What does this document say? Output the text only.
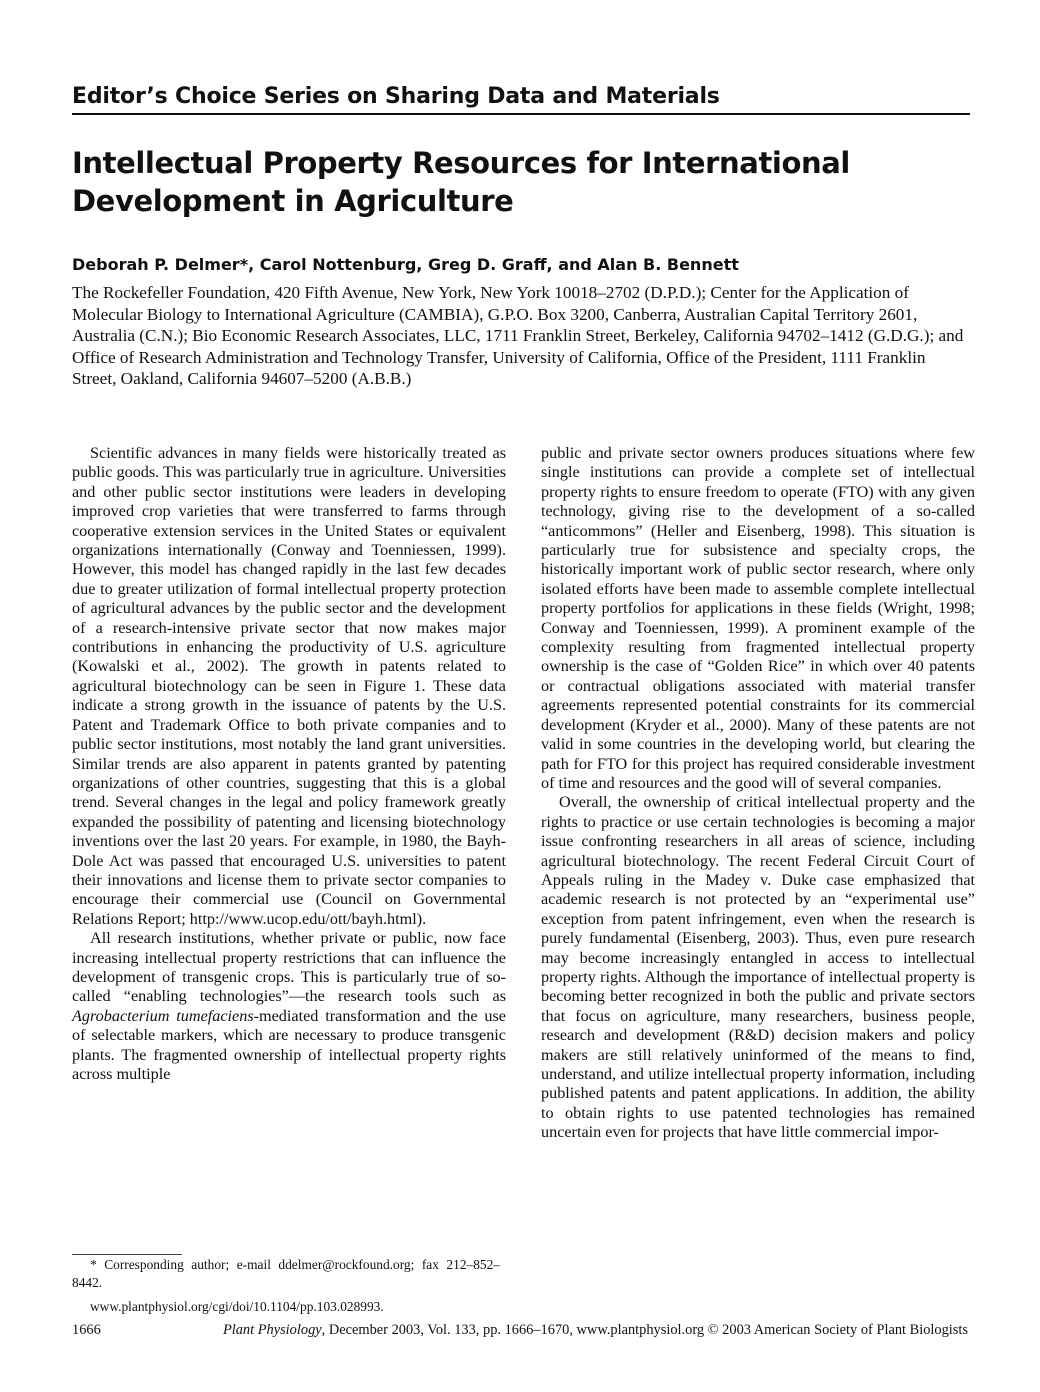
Editor’s Choice Series on Sharing Data and Materials
Intellectual Property Resources for International Development in Agriculture
Deborah P. Delmer*, Carol Nottenburg, Greg D. Graff, and Alan B. Bennett
The Rockefeller Foundation, 420 Fifth Avenue, New York, New York 10018–2702 (D.P.D.); Center for the Application of Molecular Biology to International Agriculture (CAMBIA), G.P.O. Box 3200, Canberra, Australian Capital Territory 2601, Australia (C.N.); Bio Economic Research Associates, LLC, 1711 Franklin Street, Berkeley, California 94702–1412 (G.D.G.); and Office of Research Administration and Technology Transfer, University of California, Office of the President, 1111 Franklin Street, Oakland, California 94607–5200 (A.B.B.)

Scientific advances in many fields were historically treated as public goods. This was particularly true in agriculture. Universities and other public sector institutions were leaders in developing improved crop varieties that were transferred to farms through cooperative extension services in the United States or equivalent organizations internationally (Conway and Toenniessen, 1999). However, this model has changed rapidly in the last few decades due to greater utilization of formal intellectual property protection of agricultural advances by the public sector and the development of a research-intensive private sector that now makes major contributions in enhancing the productivity of U.S. agriculture (Kowalski et al., 2002). The growth in patents related to agricultural biotechnology can be seen in Figure 1. These data indicate a strong growth in the issuance of patents by the U.S. Patent and Trademark Office to both private companies and to public sector institutions, most notably the land grant universities. Similar trends are also apparent in patents granted by patenting organizations of other countries, suggesting that this is a global trend. Several changes in the legal and policy framework greatly expanded the possibility of patenting and licensing biotechnology inventions over the last 20 years. For example, in 1980, the Bayh-Dole Act was passed that encouraged U.S. universities to patent their innovations and license them to private sector companies to encourage their commercial use (Council on Governmental Relations Report; http://www.ucop.edu/ott/bayh.html).

All research institutions, whether private or public, now face increasing intellectual property restrictions that can influence the development of transgenic crops. This is particularly true of so-called “enabling technologies”—the research tools such as Agrobacterium tumefaciens-mediated transformation and the use of selectable markers, which are necessary to produce transgenic plants. The fragmented ownership of intellectual property rights across multiple

public and private sector owners produces situations where few single institutions can provide a complete set of intellectual property rights to ensure freedom to operate (FTO) with any given technology, giving rise to the development of a so-called “anticommons” (Heller and Eisenberg, 1998). This situation is particularly true for subsistence and specialty crops, the historically important work of public sector research, where only isolated efforts have been made to assemble complete intellectual property portfolios for applications in these fields (Wright, 1998; Conway and Toenniessen, 1999). A prominent example of the complexity resulting from fragmented intellectual property ownership is the case of “Golden Rice” in which over 40 patents or contractual obligations associated with material transfer agreements represented potential constraints for its commercial development (Kryder et al., 2000). Many of these patents are not valid in some countries in the developing world, but clearing the path for FTO for this project has required considerable investment of time and resources and the good will of several companies.

Overall, the ownership of critical intellectual property and the rights to practice or use certain technologies is becoming a major issue confronting researchers in all areas of science, including agricultural biotechnology. The recent Federal Circuit Court of Appeals ruling in the Madey v. Duke case emphasized that academic research is not protected by an “experimental use” exception from patent infringement, even when the research is purely fundamental (Eisenberg, 2003). Thus, even pure research may become increasingly entangled in access to intellectual property rights. Although the importance of intellectual property is becoming better recognized in both the public and private sectors that focus on agriculture, many researchers, business people, research and development (R&D) decision makers and policy makers are still relatively uninformed of the means to find, understand, and utilize intellectual property information, including published patents and patent applications. In addition, the ability to obtain rights to use patented technologies has remained uncertain even for projects that have little commercial impor-

* Corresponding author; e-mail ddelmer@rockfound.org; fax 212–852–8442.

www.plantphysiol.org/cgi/doi/10.1104/pp.103.028993.

1666	Plant Physiology, December 2003, Vol. 133, pp. 1666–1670, www.plantphysiol.org © 2003 American Society of Plant Biologists
